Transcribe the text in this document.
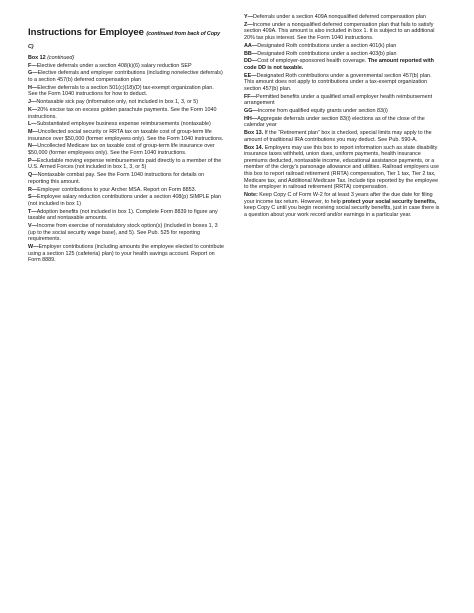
Instructions for Employee (continued from back of Copy C)
Box 12 (continued)
F—Elective deferrals under a section 408(k)(6) salary reduction SEP
G—Elective deferrals and employer contributions (including nonelective deferrals) to a section 457(b) deferred compensation plan
H—Elective deferrals to a section 501(c)(18)(D) tax-exempt organization plan. See the Form 1040 instructions for how to deduct.
J—Nontaxable sick pay (information only, not included in box 1, 3, or 5)
K—20% excise tax on excess golden parachute payments. See the Form 1040 instructions.
L—Substantiated employee business expense reimbursements (nontaxable)
M—Uncollected social security or RRTA tax on taxable cost of group-term life insurance over $50,000 (former employees only). See the Form 1040 instructions.
N—Uncollected Medicare tax on taxable cost of group-term life insurance over $50,000 (former employees only). See the Form 1040 instructions.
P—Excludable moving expense reimbursements paid directly to a member of the U.S. Armed Forces (not included in box 1, 3, or 5)
Q—Nontaxable combat pay. See the Form 1040 instructions for details on reporting this amount.
R—Employer contributions to your Archer MSA. Report on Form 8853.
S—Employee salary reduction contributions under a section 408(p) SIMPLE plan (not included in box 1)
T—Adoption benefits (not included in box 1). Complete Form 8839 to figure any taxable and nontaxable amounts.
V—Income from exercise of nonstatutory stock option(s) (included in boxes 1, 3 (up to the social security wage base), and 5). See Pub. 525 for reporting requirements.
W—Employer contributions (including amounts the employee elected to contribute using a section 125 (cafeteria) plan) to your health savings account. Report on Form 8889.
Y—Deferrals under a section 409A nonqualified deferred compensation plan
Z—Income under a nonqualified deferred compensation plan that fails to satisfy section 409A. This amount is also included in box 1. It is subject to an additional 20% tax plus interest. See the Form 1040 instructions.
AA—Designated Roth contributions under a section 401(k) plan
BB—Designated Roth contributions under a section 403(b) plan
DD—Cost of employer-sponsored health coverage. The amount reported with code DD is not taxable.
EE—Designated Roth contributions under a governmental section 457(b) plan. This amount does not apply to contributions under a tax-exempt organization section 457(b) plan.
FF—Permitted benefits under a qualified small employer health reimbursement arrangement
GG—Income from qualified equity grants under section 83(i)
HH—Aggregate deferrals under section 83(i) elections as of the close of the calendar year
Box 13. If the “Retirement plan” box is checked, special limits may apply to the amount of traditional IRA contributions you may deduct. See Pub. 590-A.
Box 14. Employers may use this box to report information such as state disability insurance taxes withheld, union dues, uniform payments, health insurance premiums deducted, nontaxable income, educational assistance payments, or a member of the clergy’s parsonage allowance and utilities. Railroad employers use this box to report railroad retirement (RRTA) compensation, Tier 1 tax, Tier 2 tax, Medicare tax, and Additional Medicare Tax. Include tips reported by the employee to the employer in railroad retirement (RRTA) compensation.
Note: Keep Copy C of Form W-2 for at least 3 years after the due date for filing your income tax return. However, to help protect your social security benefits, keep Copy C until you begin receiving social security benefits, just in case there is a question about your work record and/or earnings in a particular year.
